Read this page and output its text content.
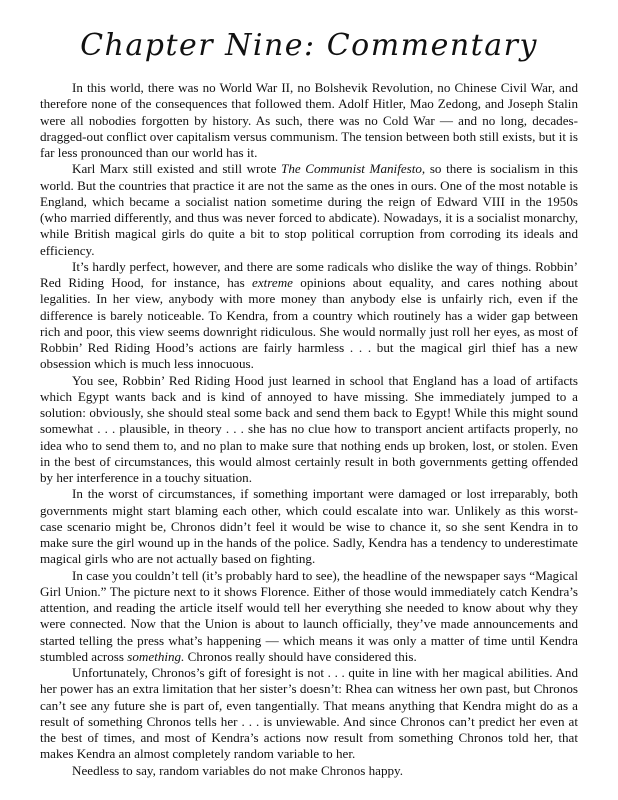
Chapter Nine: Commentary

In this world, there was no World War II, no Bolshevik Revolution, no Chinese Civil War, and therefore none of the consequences that followed them. Adolf Hitler, Mao Zedong, and Joseph Stalin were all nobodies forgotten by history. As such, there was no Cold War — and no long, decades-dragged-out conflict over capitalism versus communism. The tension between both still exists, but it is far less pronounced than our world has it.

Karl Marx still existed and still wrote The Communist Manifesto, so there is socialism in this world. But the countries that practice it are not the same as the ones in ours. One of the most notable is England, which became a socialist nation sometime during the reign of Edward VIII in the 1950s (who married differently, and thus was never forced to abdicate). Nowadays, it is a socialist monarchy, while British magical girls do quite a bit to stop political corruption from corroding its ideals and efficiency.

It’s hardly perfect, however, and there are some radicals who dislike the way of things. Robbin’ Red Riding Hood, for instance, has extreme opinions about equality, and cares nothing about legalities. In her view, anybody with more money than anybody else is unfairly rich, even if the difference is barely noticeable. To Kendra, from a country which routinely has a wider gap between rich and poor, this view seems downright ridiculous. She would normally just roll her eyes, as most of Robbin’ Red Riding Hood’s actions are fairly harmless . . . but the magical girl thief has a new obsession which is much less innocuous.

You see, Robbin’ Red Riding Hood just learned in school that England has a load of artifacts which Egypt wants back and is kind of annoyed to have missing. She immediately jumped to a solution: obviously, she should steal some back and send them back to Egypt! While this might sound somewhat . . . plausible, in theory . . . she has no clue how to transport ancient artifacts properly, no idea who to send them to, and no plan to make sure that nothing ends up broken, lost, or stolen. Even in the best of circumstances, this would almost certainly result in both governments getting offended by her interference in a touchy situation.

In the worst of circumstances, if something important were damaged or lost irreparably, both governments might start blaming each other, which could escalate into war. Unlikely as this worst-case scenario might be, Chronos didn’t feel it would be wise to chance it, so she sent Kendra in to make sure the girl wound up in the hands of the police. Sadly, Kendra has a tendency to underestimate magical girls who are not actually based on fighting.

In case you couldn’t tell (it’s probably hard to see), the headline of the newspaper says “Magical Girl Union.” The picture next to it shows Florence. Either of those would immediately catch Kendra’s attention, and reading the article itself would tell her everything she needed to know about why they were connected. Now that the Union is about to launch officially, they’ve made announcements and started telling the press what’s happening — which means it was only a matter of time until Kendra stumbled across something. Chronos really should have considered this.

Unfortunately, Chronos’s gift of foresight is not . . . quite in line with her magical abilities. And her power has an extra limitation that her sister’s doesn’t: Rhea can witness her own past, but Chronos can’t see any future she is part of, even tangentially. That means anything that Kendra might do as a result of something Chronos tells her . . . is unviewable. And since Chronos can’t predict her even at the best of times, and most of Kendra’s actions now result from something Chronos told her, that makes Kendra an almost completely random variable to her.

Needless to say, random variables do not make Chronos happy.
